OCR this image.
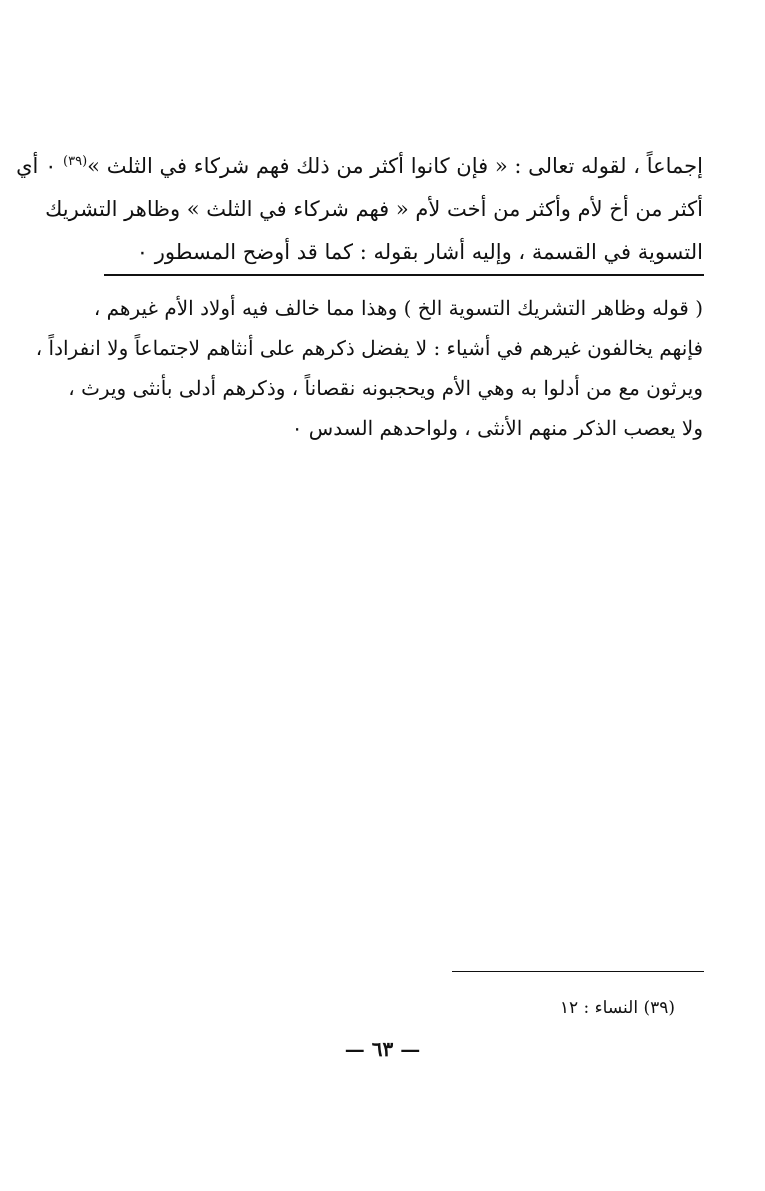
إجماعاً ، لقوله تعالى : « فإن كانوا أكثر من ذلك فهم شركاء في الثلث »$^{(٣٩)}$ ٠ أي
أكثر من أخ لأم وأكثر من أخت لأم « فهم شركاء في الثلث » وظاهر التشريك
التسوية في القسمة ، وإليه أشار بقوله : كما قد أوضح المسطور ٠
( قوله وظاهر التشريك التسوية الخ ) وهذا مما خالف فيه أولاد الأم غيرهم ،
فإنهم يخالفون غيرهم في أشياء : لا يفضل ذكرهم على أنثاهم لاجتماعاً ولا انفراداً ،
ويرثون مع من أدلوا به وهي الأم ويحجبونه نقصاناً ، وذكرهم أدلى بأنثى ويرث ،
ولا يعصب الذكر منهم الأنثى ، ولواحدهم السدس ٠
(٣٩) النساء : ١٢
— ٦٣ —
